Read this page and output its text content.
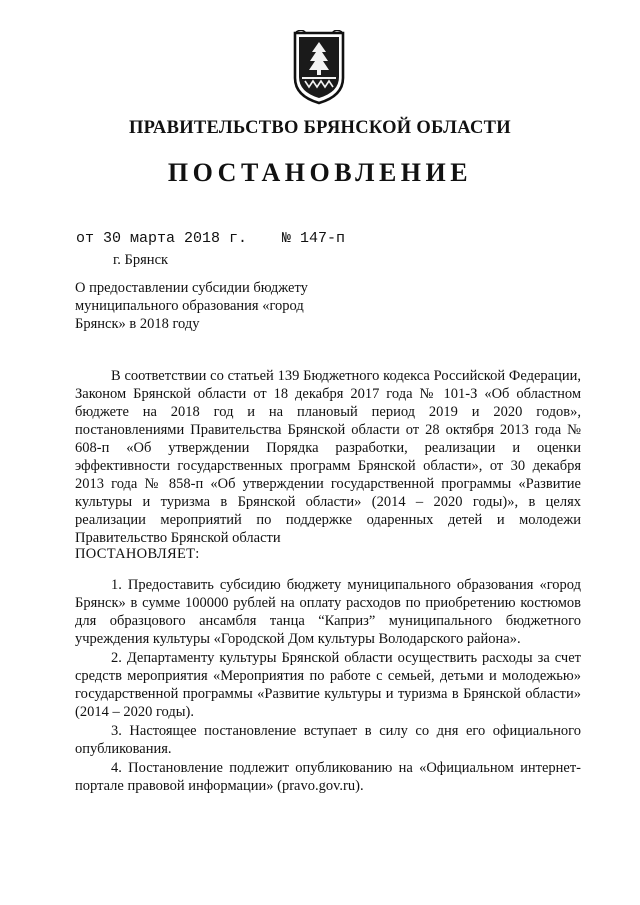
ПРАВИТЕЛЬСТВО БРЯНСКОЙ ОБЛАСТИ
ПОСТАНОВЛЕНИЕ
от 30 марта 2018 г. № 147-п
г. Брянск
О предоставлении субсидии бюджету
муниципального образования «город
Брянск» в 2018 году

В соответствии со статьей 139 Бюджетного кодекса Российской Федерации, Законом Брянской области от 18 декабря 2017 года № 101-З «Об областном бюджете на 2018 год и на плановый период 2019 и 2020 годов», постановлениями Правительства Брянской области от 28 октября 2013 года № 608-п «Об утверждении Порядка разработки, реализации и оценки эффективности государственных программ Брянской области», от 30 декабря 2013 года № 858-п «Об утверждении государственной программы «Развитие культуры и туризма в Брянской области» (2014 – 2020 годы)», в целях реализации мероприятий по поддержке одаренных детей и молодежи Правительство Брянской области

ПОСТАНОВЛЯЕТ:

1. Предоставить субсидию бюджету муниципального образования «город Брянск» в сумме 100000 рублей на оплату расходов по приобретению костюмов для образцового ансамбля танца “Каприз” муниципального бюджетного учреждения культуры «Городской Дом культуры Володарского района».

2. Департаменту культуры Брянской области осуществить расходы за счет средств мероприятия «Мероприятия по работе с семьей, детьми и молодежью» государственной программы «Развитие культуры и туризма в Брянской области» (2014 – 2020 годы).

3. Настоящее постановление вступает в силу со дня его официального опубликования.

4. Постановление подлежит опубликованию на «Официальном интернет-портале правовой информации» (pravo.gov.ru).
